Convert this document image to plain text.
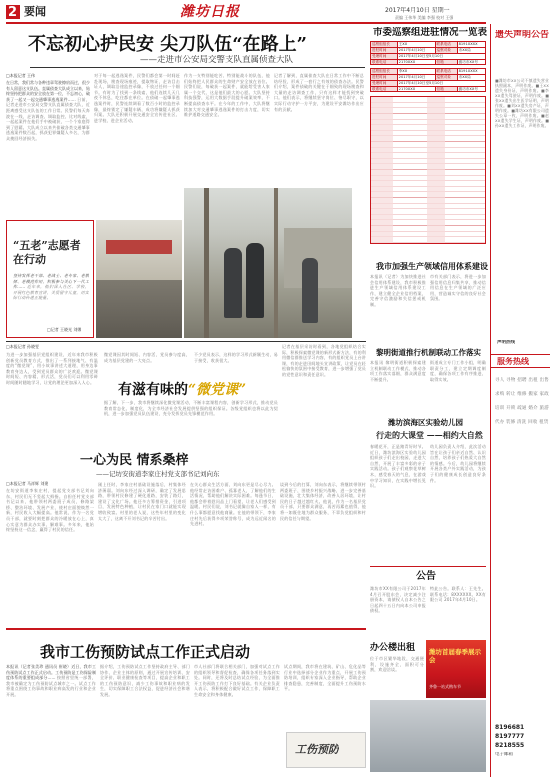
2 要闻	潍坊日报	2017年4月10日 星期一
责编 王伟华 美编 李强 校对 王强
不忘初心护民安 尖刀队伍“在路上”
——走进市公安局交警支队直属侦查大队
□本报记者 王伟
在日常，我们常与各种违章驾驶擦肩而过，很少有人留意这支队伍。直属侦查大队成立以来，始终坚持把群众的安全放在第一位，不忘初心，破获了一起又一起交通肇事逃逸案件…… 日前，记者走进市公安局交警支队直属侦查大队，近距离感受这支队伍的工作日常。民警们每天奔波在一线，走访调查、调取监控、比对线索，一起起案件在他们手中被破获，一个个家庭得到了慰藉。大队成立以来共侦破各类交通肇事逃逸案件数百起，抓获犯罪嫌疑人多名，为群众挽回经济损失。
对于每一起逃逸案件，民警们都会第一时间赶赴现场，勘查现场痕迹，提取物证，走访目击证人，调取沿途监控录像，不放过任何一个细节。有时为了找到一条线索，他们连续几天几夜不休息，吃住都在单位。在侦破一起肇事逃逸案件时，民警连续调看了数百小时的监控录像，最终锁定了嫌疑车辆，成功将嫌疑人抓获归案。大队还积极开展交通安全宣传进社区、进学校、进企业活动。
作为一支特别能吃苦、特别能战斗的队伍，他们始终把人民群众的生命财产安全放在首位。民警们说，每破获一起案件，就能给受害人家属一个交代，这是他们最大的心愿。大队坚持科技强警，运用大数据手段提升破案效率，不断提高侦查水平。在今年的工作中，大队将继续加大对交通肇事逃逸案件的打击力度，切实维护道路交通安全。
记者了解到，直属侦查大队在日常工作中不断总结经验，形成了一套行之有效的侦查办法。民警们介绍，案件侦破的关键在于细致的现场勘查和大量的走访调查工作，只有这样才能找到突破口。他们表示，将继续坚守岗位、恪尽职守，以实际行动守护一方平安，为建设平安潍坊作出应有的贡献。
“五老”志愿者
在行动
坚持发挥老干部、老战士、老专家、老教师、老模范作用，积极参与关心下一代工作…… 近年来，他们深入社区、学校，开展红色教育宣讲，关爱留守儿童，用实际行动传递正能量。
□记者 王晓光 刘娜
□本报记者 孙晓雯
为进一步加强基层党组织建设，近年来我市积极创新党员教育方式，推出了一系列接地气、有温度的“微党课”，用小故事讲述大道理，用身边事教育身边人，受到党员群众的广泛欢迎。微党课时间短、内容精、形式活，党员们可以利用零碎时间随时随地学习，让党的理论更加深入人心。 有滋有味的“微党课”
微党课因其时间短、内容活，党员参与度高，成为基层党建的一大亮点。
不少党员表示，这样的学习形式新颖生动，易于接受，收获很大。
记者在基层采访时看到，各地党组织结合实际，积极探索微党课的新形式新方法，有的利用微信群推送学习内容，有的组织党员上台讲课，有的走进田间地头宣讲政策，让党员在轻松愉快的氛围中接受教育，进一步增强了党员的党性意识和责任意识。
据了解，下一步，我市将继续深化微党课活动，不断丰富课程内容，创新学习形式，推动党员教育常态化、制度化，为全市经济社会发展提供坚强的组织保证。各级党组织也将以此为契机，进一步加强党员队伍建设，充分发挥党员先锋模范作用。
一心为民 情系桑梓
——记坊安街道李家庄村党支部书记刘向东
□本报记者 马祥辉 刘建
在坊安街道李家庄村，提起党支部书记刘向东，村民们无不竖起大拇指。自担任村党支部书记以来，他带领村两委班子成员，修路架桥、整治环境、发展产业，使村庄面貌焕然一新，村民收入大幅提高。他常说，作为一名党员干部，就要时刻把群众的冷暖放在心上，真心实意为群众办实事、解难事。多年来，他始终坚持这一信念，赢得了村民的信任。
刚上任时，李家庄村基础设施落后，村集体经济薄弱。刘向东经过深入调研，确定了发展思路，带领村民修建了硬化道路，安装了路灯，建设了文化广场。他还多方筹措资金，引进项目，发展特色种植，让村民在家门口就能实现增收致富。村里的老人说，这些年村里的变化太大了，这离不开刘书记的辛苦付出。
在关心群众生活方面，刘向东更是尽心尽力。他经常走访困难户、孤寡老人，了解他们的生活情况，帮助他们解决实际困难。每逢节日，他都会带着慰问品上门看望，让老人们感受到温暖。村民们说，刘书记就像自家人一样，有什么事都愿意找他商量。在他的带领下，李家庄村先后获得多项荣誉称号，成为远近闻名的先进村。
谈到今后的打算，刘向东表示，将继续带领村两委班子，围绕乡村振兴战略，进一步完善基础设施，壮大集体经济，改善人居环境，让村民的日子越过越红火。他说，作为一名基层党员干部，只要群众满意，再苦再累也值得，他将一如既往地为群众服务，不辜负党组织和村民的信任与期望。
我市工伤预防试点工作正式启动
本报讯（记者张美珍 通讯员 崔晓）近日，我市工伤预防试点工作正式启动。工伤预防是工伤保险制度体系的重要组成部分…… 按照省里统一部署，我市被确定为工伤预防试点城市之一。试点工作将重点围绕工伤事故和职业病高发的行业和企业开展。
据介绍，工伤预防试点工作坚持政府主导、部门协作、企业主体的原则，通过开展宣传培训、安全评价、职业健康检查等项目，提高企业和职工的工伤预防意识，减少工伤事故和职业病的发生，切实保障职工合法权益，促进经济社会和谐发展。
市人社部门将联合相关部门，加强对试点工作的组织领导和督促检查，确保各项任务落到实处。同时，还将及时总结试点经验，为全面推开工伤预防工作打下良好基础。有关企业负责人表示，将积极配合做好试点工作，保障职工生命安全和身体健康。
试点期间，我市将在建筑、矿山、危化品等行业中选择部分企业作为重点，开展工伤预防培训，组织专家深入企业指导，帮助企业排查隐患，完善制度，全面提升工伤预防水平。
工伤预防
市委巡察组进驻情况一览表
巡察组组长	王XX	联系电话	8191XXXX
进驻时间	2017年4月10日	巡察对象	市XX局
受理时间	2017年4月10日至5月10日		
联系电话	2170XXX	信箱	潍坊市XX号
巡察组组长	李XX	联系电话	8191XXXX
进驻时间	2017年4月10日	巡察对象	市XX局
受理时间	2017年4月10日至5月10日		
联系电话	2170XXX	信箱	潍坊市XX号
我市加强生产领域信用体系建设
本报讯（记者）为加快推进社会信用体系建设，我市积极推进生产领域信用体系建设工作，建立健全企业信用档案，完善守信激励和失信惩戒机制。
市有关部门表示，将进一步加强信用信息归集共享，推动信用信息在生产领域的广泛应用，营造诚实守信的良好社会氛围。
黎明街道推行机制联动工作落实
本报讯 黎明街道积极探索建立机制联动工作模式，推动各项工作落实落细，群众满意度不断提升。
街道成立专门工作小组，明确职责分工，建立定期调度制度，确保各项工作有序推进、取得实效。
潍坊滨海区实验幼儿园
行走的大课堂 ——相约大自然
春暖花开，正是踏青好时节。近日，潍坊滨海区实验幼儿园组织孩子们走出校园，走进大自然，开展了丰富多彩的亲子实践活动。孩子们观察花草树木，感受春天的气息，在游戏中学习知识，在实践中增长见识。
幼儿园负责人介绍，此次活动旨在让孩子们亲近自然、认识自然，培养孩子们热爱大自然的情感。今后，幼儿园将继续开展各类户外实践活动，为孩子们的健康成长创造良好条件。
公告
潍坊市XX有限公司于2017年4月召开股东会，决定减少注册资本，请债权人自本公告之日起四十五日内向本公司申报债权。
特此公告。联系人：王先生。联系电话：8XXXXXX。XX有限公司 2017年4月10日。
办公楼出租
位于市区繁华地段，交通便利，设施齐全，面积可分割，欢迎洽谈。
潍坊首届春季展示会
齐鲁一站式购车节
遗失声明公告
■潍坊市XX公司不慎遗失营业执照副本，声明作废。■王XX遗失身份证，声明作废。■李XX遗失驾驶证，声明作废。■张XX遗失出生医学证明，声明作废。■刘XX遗失房产证，声明作废。■潍坊XX有限公司遗失公章一枚，声明作废。■赵XX遗失学生证，声明作废。■孙XX遗失工作证，声明作废。
声明热线
服务热线
寻人 寻物 招聘 出租 出售 求购 转让 维修 搬家 家政 培训 开锁 疏通 婚介 旅游 代办 装修 清洗 回收 租赁
8196681
8197777
8218555
电子邮箱
